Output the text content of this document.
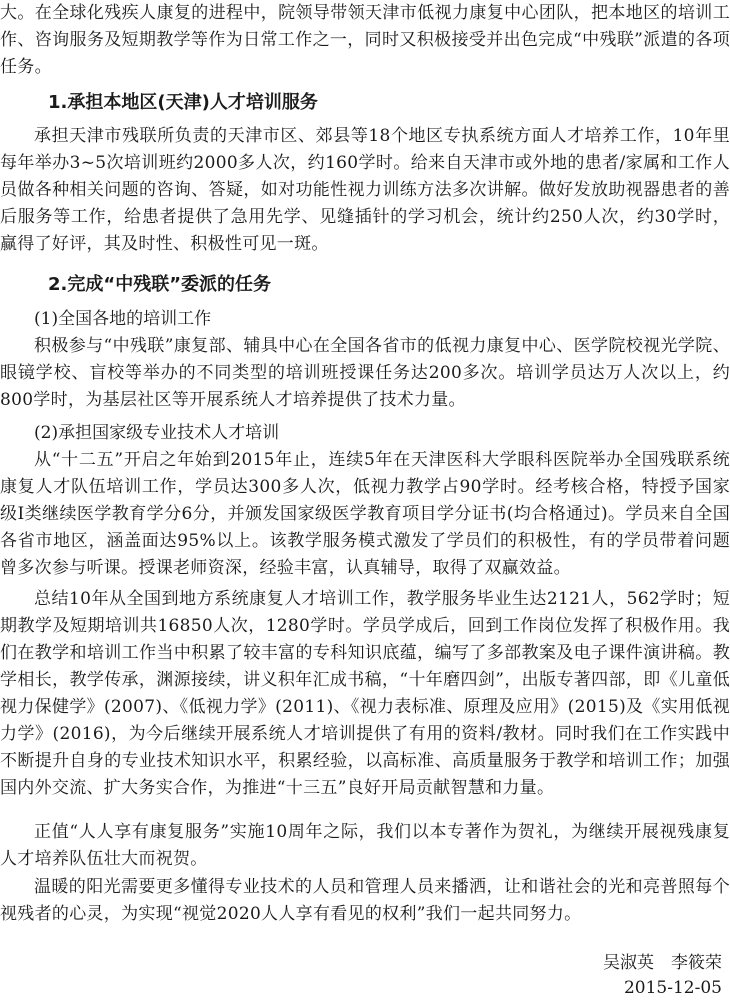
大。在全球化残疾人康复的进程中，院领导带领天津市低视力康复中心团队，把本地区的培训工作、咨询服务及短期教学等作为日常工作之一，同时又积极接受并出色完成“中残联”派遣的各项任务。

1.承担本地区(天津)人才培训服务

承担天津市残联所负责的天津市区、郊县等18个地区专执系统方面人才培养工作，10年里每年举办3~5次培训班约2000多人次，约160学时。给来自天津市或外地的患者/家属和工作人员做各种相关问题的咨询、答疑，如对功能性视力训练方法多次讲解。做好发放助视器患者的善后服务等工作，给患者提供了急用先学、见缝插针的学习机会，统计约250人次，约30学时，赢得了好评，其及时性、积极性可见一斑。

2.完成“中残联”委派的任务

(1)全国各地的培训工作

积极参与“中残联”康复部、辅具中心在全国各省市的低视力康复中心、医学院校视光学院、眼镜学校、盲校等举办的不同类型的培训班授课任务达200多次。培训学员达万人次以上，约800学时，为基层社区等开展系统人才培养提供了技术力量。

(2)承担国家级专业技术人才培训

从“十二五”开启之年始到2015年止，连续5年在天津医科大学眼科医院举办全国残联系统康复人才队伍培训工作，学员达300多人次，低视力教学占90学时。经考核合格，特授予国家级Ⅰ类继续医学教育学分6分，并颁发国家级医学教育项目学分证书(均合格通过)。学员来自全国各省市地区，涵盖面达95%以上。该教学服务模式激发了学员们的积极性，有的学员带着问题曾多次参与听课。授课老师资深，经验丰富，认真辅导，取得了双赢效益。

总结10年从全国到地方系统康复人才培训工作，教学服务毕业生达2121人，562学时；短期教学及短期培训共16850人次，1280学时。学员学成后，回到工作岗位发挥了积极作用。我们在教学和培训工作当中积累了较丰富的专科知识底蕴，编写了多部教案及电子课件演讲稿。教学相长，教学传承，渊源接续，讲义积年汇成书稿，“十年磨四剑”，出版专著四部，即《儿童低视力保健学》(2007)、《低视力学》(2011)、《视力表标准、原理及应用》(2015)及《实用低视力学》(2016)，为今后继续开展系统人才培训提供了有用的资料/教材。同时我们在工作实践中不断提升自身的专业技术知识水平，积累经验，以高标准、高质量服务于教学和培训工作；加强国内外交流、扩大务实合作，为推进“十三五”良好开局贡献智慧和力量。

正值“人人享有康复服务”实施10周年之际，我们以本专著作为贺礼，为继续开展视残康复人才培养队伍壮大而祝贺。

温暖的阳光需要更多懂得专业技术的人员和管理人员来播洒，让和谐社会的光和亮普照每个视残者的心灵，为实现“视觉2020人人享有看见的权利”我们一起共同努力。

吴淑英　李筱荣

2015-12-05
